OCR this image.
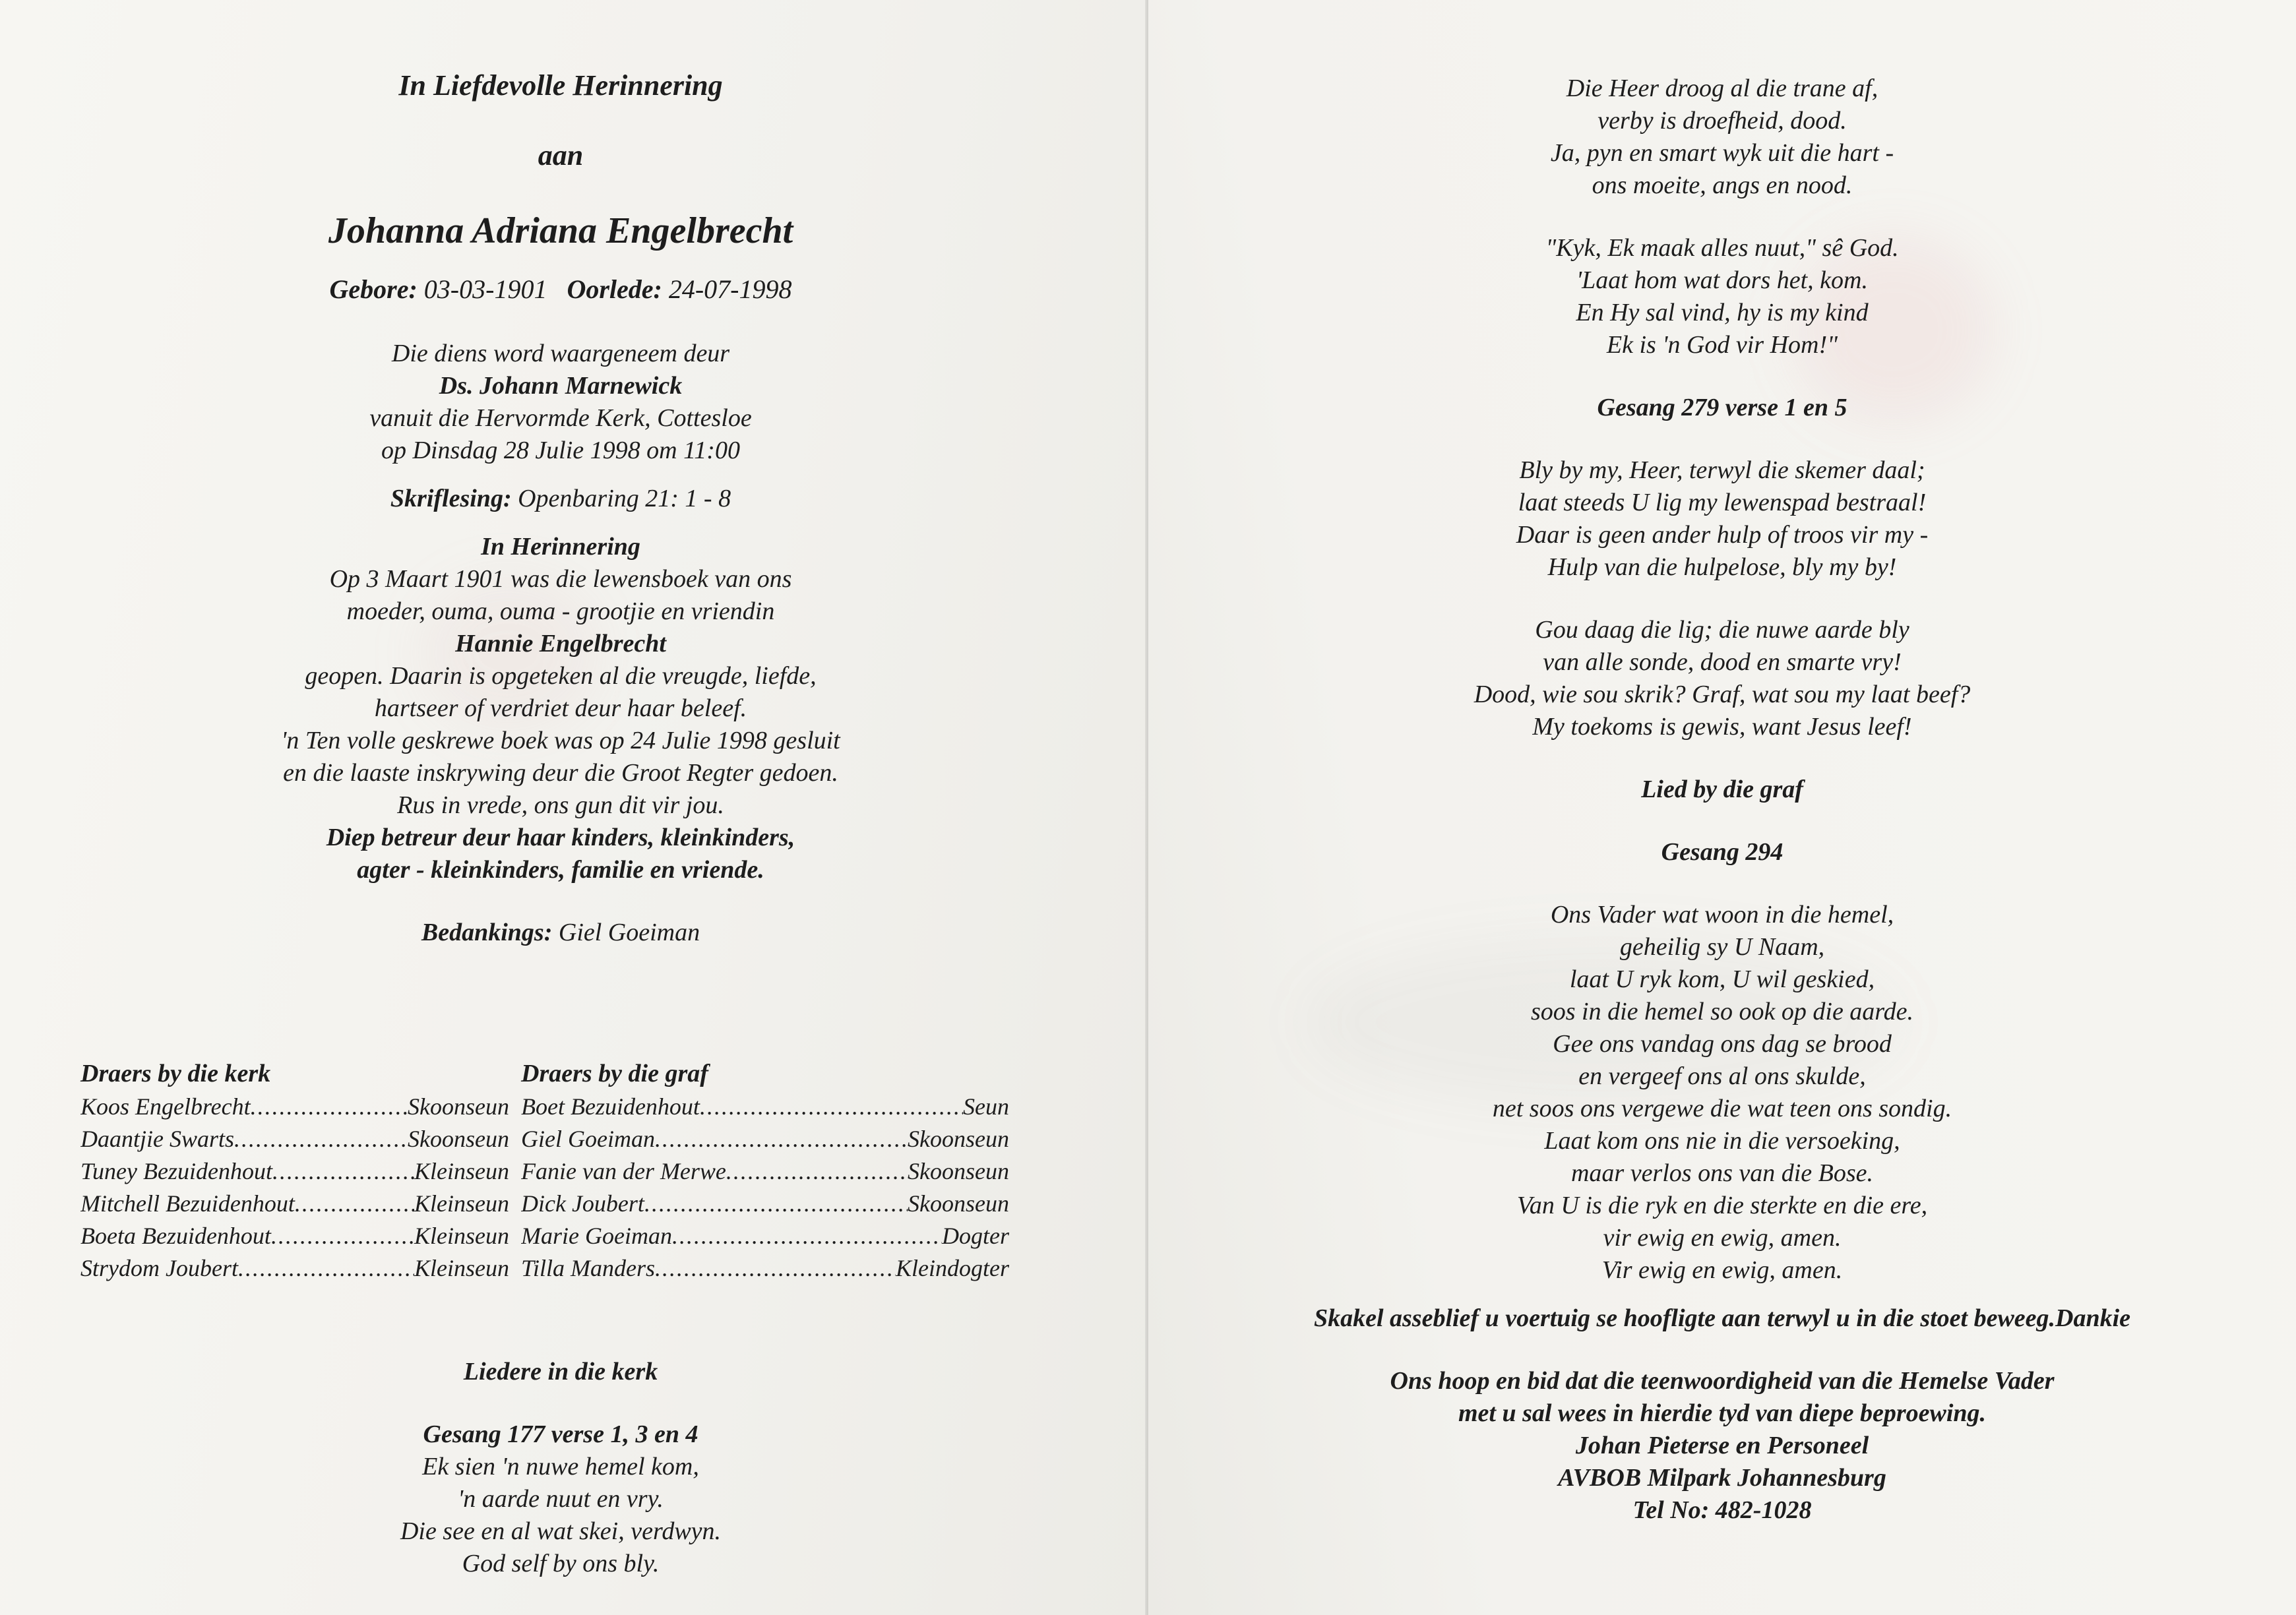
In Liefdevolle Herinnering
aan
Johanna Adriana Engelbrecht
Gebore: 03-03-1901 Oorlede: 24-07-1998
Die diens word waargeneem deur
Ds. Johann Marnewick
vanuit die Hervormde Kerk, Cottesloe
op Dinsdag 28 Julie 1998 om 11:00
Skriflesing: Openbaring 21: 1 - 8
In Herinnering
Op 3 Maart 1901 was die lewensboek van ons
moeder, ouma, ouma - grootjie en vriendin
Hannie Engelbrecht
geopen. Daarin is opgeteken al die vreugde, liefde,
hartseer of verdriet deur haar beleef.
'n Ten volle geskrewe boek was op 24 Julie 1998 gesluit
en die laaste inskrywing deur die Groot Regter gedoen.
Rus in vrede, ons gun dit vir jou.
Diep betreur deur haar kinders, kleinkinders,
agter - kleinkinders, familie en vriende.
Bedankings: Giel Goeiman
Draers by die kerk
Koos Engelbrecht .....	Skoonseun
Daantjie Swarts .....	Skoonseun
Tuney Bezuidenhout .....	Kleinseun
Mitchell Bezuidenhout .....	Kleinseun
Boeta Bezuidenhout .....	Kleinseun
Strydom Joubert .....	Kleinseun
Draers by die graf
Boet Bezuidenhout .....	Seun
Giel Goeiman .....	Skoonseun
Fanie van der Merwe .....	Skoonseun
Dick Joubert .....	Skoonseun
Marie Goeiman .....	Dogter
Tilla Manders .....	Kleindogter
Liedere in die kerk
Gesang 177 verse 1, 3 en 4
Ek sien 'n nuwe hemel kom,
'n aarde nuut en vry.
Die see en al wat skei, verdwyn.
God self by ons bly.
Die Heer droog al die trane af,
verby is droefheid, dood.
Ja, pyn en smart wyk uit die hart -
ons moeite, angs en nood.
"Kyk, Ek maak alles nuut," sê God.
'Laat hom wat dors het, kom.
En Hy sal vind, hy is my kind
Ek is 'n God vir Hom!"
Gesang 279 verse 1 en 5
Bly by my, Heer, terwyl die skemer daal;
laat steeds U lig my lewenspad bestraal!
Daar is geen ander hulp of troos vir my -
Hulp van die hulpelose, bly my by!
Gou daag die lig; die nuwe aarde bly
van alle sonde, dood en smarte vry!
Dood, wie sou skrik? Graf, wat sou my laat beef?
My toekoms is gewis, want Jesus leef!
Lied by die graf
Gesang 294
Ons Vader wat woon in die hemel,
geheilig sy U Naam,
laat U ryk kom, U wil geskied,
soos in die hemel so ook op die aarde.
Gee ons vandag ons dag se brood
en vergeef ons al ons skulde,
net soos ons vergewe die wat teen ons sondig.
Laat kom ons nie in die versoeking,
maar verlos ons van die Bose.
Van U is die ryk en die sterkte en die ere,
vir ewig en ewig, amen.
Vir ewig en ewig, amen.
Skakel asseblief u voertuig se hoofligte aan terwyl u in die stoet beweeg.Dankie
Ons hoop en bid dat die teenwoordigheid van die Hemelse Vader
met u sal wees in hierdie tyd van diepe beproewing.
Johan Pieterse en Personeel
AVBOB Milpark Johannesburg
Tel No: 482-1028
